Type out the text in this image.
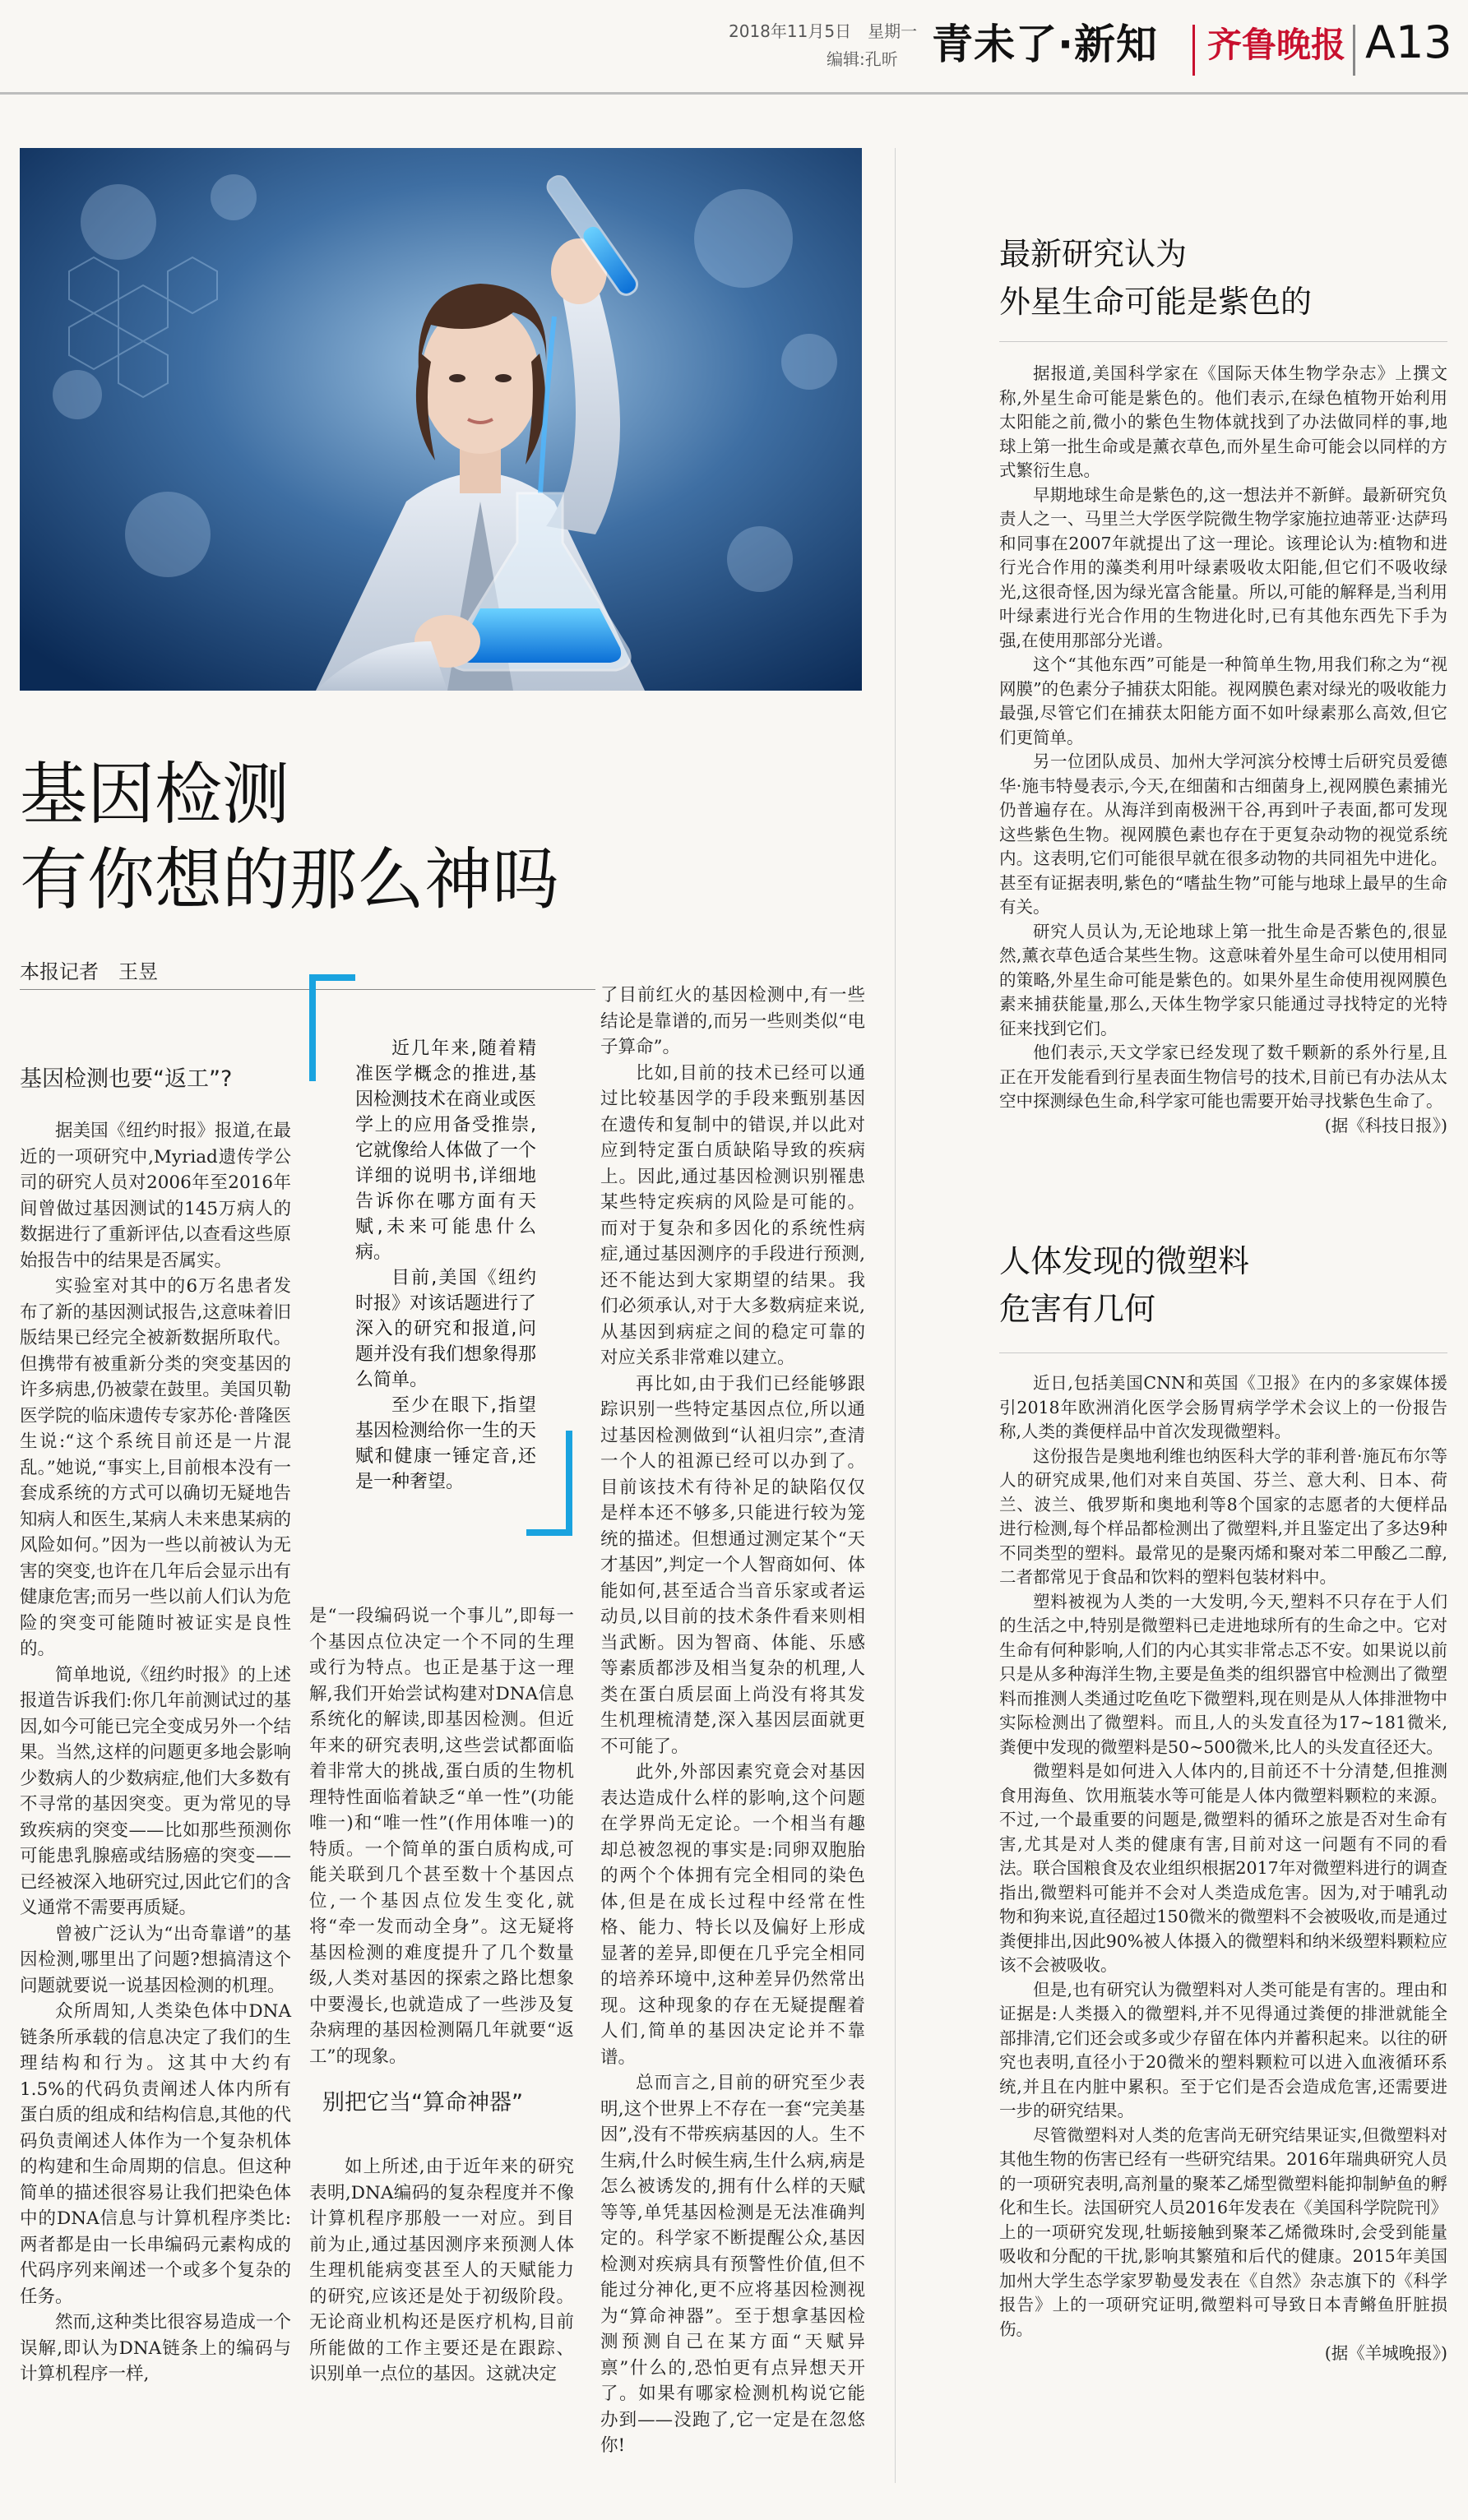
2018年11月5日　星期一
编辑:孔昕 青未了·新知 齐鲁晚报 A13
基因检测
有你想的那么神吗
本报记者　王昱
基因检测也要“返工”?

据美国《纽约时报》报道,在最近的一项研究中,Myriad遗传学公司的研究人员对2006年至2016年间曾做过基因测试的145万病人的数据进行了重新评估,以查看这些原始报告中的结果是否属实。

实验室对其中的6万名患者发布了新的基因测试报告,这意味着旧版结果已经完全被新数据所取代。但携带有被重新分类的突变基因的许多病患,仍被蒙在鼓里。美国贝勒医学院的临床遗传专家苏伦·普隆医生说:“这个系统目前还是一片混乱。”她说,“事实上,目前根本没有一套成系统的方式可以确切无疑地告知病人和医生,某病人未来患某病的风险如何。”因为一些以前被认为无害的突变,也许在几年后会显示出有健康危害;而另一些以前人们认为危险的突变可能随时被证实是良性的。

简单地说,《纽约时报》的上述报道告诉我们:你几年前测试过的基因,如今可能已完全变成另外一个结果。当然,这样的问题更多地会影响少数病人的少数病症,他们大多数有不寻常的基因突变。更为常见的导致疾病的突变——比如那些预测你可能患乳腺癌或结肠癌的突变——已经被深入地研究过,因此它们的含义通常不需要再质疑。

曾被广泛认为“出奇靠谱”的基因检测,哪里出了问题?想搞清这个问题就要说一说基因检测的机理。

众所周知,人类染色体中DNA链条所承载的信息决定了我们的生理结构和行为。这其中大约有1.5%的代码负责阐述人体内所有蛋白质的组成和结构信息,其他的代码负责阐述人体作为一个复杂机体的构建和生命周期的信息。但这种简单的描述很容易让我们把染色体中的DNA信息与计算机程序类比:两者都是由一长串编码元素构成的代码序列来阐述一个或多个复杂的任务。

然而,这种类比很容易造成一个误解,即认为DNA链条上的编码与计算机程序一样,

近几年来,随着精准医学概念的推进,基因检测技术在商业或医学上的应用备受推崇,它就像给人体做了一个详细的说明书,详细地告诉你在哪方面有天赋,未来可能患什么病。

目前,美国《纽约时报》对该话题进行了深入的研究和报道,问题并没有我们想象得那么简单。

至少在眼下,指望基因检测给你一生的天赋和健康一锤定音,还是一种奢望。

是“一段编码说一个事儿”,即每一个基因点位决定一个不同的生理或行为特点。也正是基于这一理解,我们开始尝试构建对DNA信息系统化的解读,即基因检测。但近年来的研究表明,这些尝试都面临着非常大的挑战,蛋白质的生物机理特性面临着缺乏“单一性”(功能唯一)和“唯一性”(作用体唯一)的特质。一个简单的蛋白质构成,可能关联到几个甚至数十个基因点位,一个基因点位发生变化,就将“牵一发而动全身”。这无疑将基因检测的难度提升了几个数量级,人类对基因的探索之路比想象中要漫长,也就造成了一些涉及复杂病理的基因检测隔几年就要“返工”的现象。

别把它当“算命神器”

如上所述,由于近年来的研究表明,DNA编码的复杂程度并不像计算机程序那般一一对应。到目前为止,通过基因测序来预测人体生理机能病变甚至人的天赋能力的研究,应该还是处于初级阶段。无论商业机构还是医疗机构,目前所能做的工作主要还是在跟踪、识别单一点位的基因。这就决定

了目前红火的基因检测中,有一些结论是靠谱的,而另一些则类似“电子算命”。

比如,目前的技术已经可以通过比较基因学的手段来甄别基因在遗传和复制中的错误,并以此对应到特定蛋白质缺陷导致的疾病上。因此,通过基因检测识别罹患某些特定疾病的风险是可能的。而对于复杂和多因化的系统性病症,通过基因测序的手段进行预测,还不能达到大家期望的结果。我们必须承认,对于大多数病症来说,从基因到病症之间的稳定可靠的对应关系非常难以建立。

再比如,由于我们已经能够跟踪识别一些特定基因点位,所以通过基因检测做到“认祖归宗”,查清一个人的祖源已经可以办到了。目前该技术有待补足的缺陷仅仅是样本还不够多,只能进行较为笼统的描述。但想通过测定某个“天才基因”,判定一个人智商如何、体能如何,甚至适合当音乐家或者运动员,以目前的技术条件看来则相当武断。因为智商、体能、乐感等素质都涉及相当复杂的机理,人类在蛋白质层面上尚没有将其发生机理梳清楚,深入基因层面就更不可能了。

此外,外部因素究竟会对基因表达造成什么样的影响,这个问题在学界尚无定论。一个相当有趣却总被忽视的事实是:同卵双胞胎的两个个体拥有完全相同的染色体,但是在成长过程中经常在性格、能力、特长以及偏好上形成显著的差异,即便在几乎完全相同的培养环境中,这种差异仍然常出现。这种现象的存在无疑提醒着人们,简单的基因决定论并不靠谱。

总而言之,目前的研究至少表明,这个世界上不存在一套“完美基因”,没有不带疾病基因的人。生不生病,什么时候生病,生什么病,病是怎么被诱发的,拥有什么样的天赋等等,单凭基因检测是无法准确判定的。科学家不断提醒公众,基因检测对疾病具有预警性价值,但不能过分神化,更不应将基因检测视为“算命神器”。至于想拿基因检测预测自己在某方面“天赋异禀”什么的,恐怕更有点异想天开了。如果有哪家检测机构说它能办到——没跑了,它一定是在忽悠你!

最新研究认为
外星生命可能是紫色的

据报道,美国科学家在《国际天体生物学杂志》上撰文称,外星生命可能是紫色的。他们表示,在绿色植物开始利用太阳能之前,微小的紫色生物体就找到了办法做同样的事,地球上第一批生命或是薰衣草色,而外星生命可能会以同样的方式繁衍生息。

早期地球生命是紫色的,这一想法并不新鲜。最新研究负责人之一、马里兰大学医学院微生物学家施拉迪蒂亚·达萨玛和同事在2007年就提出了这一理论。该理论认为:植物和进行光合作用的藻类利用叶绿素吸收太阳能,但它们不吸收绿光,这很奇怪,因为绿光富含能量。所以,可能的解释是,当利用叶绿素进行光合作用的生物进化时,已有其他东西先下手为强,在使用那部分光谱。

这个“其他东西”可能是一种简单生物,用我们称之为“视网膜”的色素分子捕获太阳能。视网膜色素对绿光的吸收能力最强,尽管它们在捕获太阳能方面不如叶绿素那么高效,但它们更简单。

另一位团队成员、加州大学河滨分校博士后研究员爱德华·施韦特曼表示,今天,在细菌和古细菌身上,视网膜色素捕光仍普遍存在。从海洋到南极洲干谷,再到叶子表面,都可发现这些紫色生物。视网膜色素也存在于更复杂动物的视觉系统内。这表明,它们可能很早就在很多动物的共同祖先中进化。甚至有证据表明,紫色的“嗜盐生物”可能与地球上最早的生命有关。

研究人员认为,无论地球上第一批生命是否紫色的,很显然,薰衣草色适合某些生物。这意味着外星生命可以使用相同的策略,外星生命可能是紫色的。如果外星生命使用视网膜色素来捕获能量,那么,天体生物学家只能通过寻找特定的光特征来找到它们。

他们表示,天文学家已经发现了数千颗新的系外行星,且正在开发能看到行星表面生物信号的技术,目前已有办法从太空中探测绿色生命,科学家可能也需要开始寻找紫色生命了。

(据《科技日报》)

人体发现的微塑料
危害有几何

近日,包括美国CNN和英国《卫报》在内的多家媒体援引2018年欧洲消化医学会肠胃病学学术会议上的一份报告称,人类的粪便样品中首次发现微塑料。

这份报告是奥地利维也纳医科大学的菲利普·施瓦布尔等人的研究成果,他们对来自英国、芬兰、意大利、日本、荷兰、波兰、俄罗斯和奥地利等8个国家的志愿者的大便样品进行检测,每个样品都检测出了微塑料,并且鉴定出了多达9种不同类型的塑料。最常见的是聚丙烯和聚对苯二甲酸乙二醇,二者都常见于食品和饮料的塑料包装材料中。

塑料被视为人类的一大发明,今天,塑料不只存在于人们的生活之中,特别是微塑料已走进地球所有的生命之中。它对生命有何种影响,人们的内心其实非常忐忑不安。如果说以前只是从多种海洋生物,主要是鱼类的组织器官中检测出了微塑料而推测人类通过吃鱼吃下微塑料,现在则是从人体排泄物中实际检测出了微塑料。而且,人的头发直径为17~181微米,粪便中发现的微塑料是50~500微米,比人的头发直径还大。

微塑料是如何进入人体内的,目前还不十分清楚,但推测食用海鱼、饮用瓶装水等可能是人体内微塑料颗粒的来源。不过,一个最重要的问题是,微塑料的循环之旅是否对生命有害,尤其是对人类的健康有害,目前对这一问题有不同的看法。联合国粮食及农业组织根据2017年对微塑料进行的调查指出,微塑料可能并不会对人类造成危害。因为,对于哺乳动物和狗来说,直径超过150微米的微塑料不会被吸收,而是通过粪便排出,因此90%被人体摄入的微塑料和纳米级塑料颗粒应该不会被吸收。

但是,也有研究认为微塑料对人类可能是有害的。理由和证据是:人类摄入的微塑料,并不见得通过粪便的排泄就能全部排清,它们还会或多或少存留在体内并蓄积起来。以往的研究也表明,直径小于20微米的塑料颗粒可以进入血液循环系统,并且在内脏中累积。至于它们是否会造成危害,还需要进一步的研究结果。

尽管微塑料对人类的危害尚无研究结果证实,但微塑料对其他生物的伤害已经有一些研究结果。2016年瑞典研究人员的一项研究表明,高剂量的聚苯乙烯型微塑料能抑制鲈鱼的孵化和生长。法国研究人员2016年发表在《美国科学院院刊》上的一项研究发现,牡蛎接触到聚苯乙烯微珠时,会受到能量吸收和分配的干扰,影响其繁殖和后代的健康。2015年美国加州大学生态学家罗勒曼发表在《自然》杂志旗下的《科学报告》上的一项研究证明,微塑料可导致日本青鳉鱼肝脏损伤。

(据《羊城晚报》)
